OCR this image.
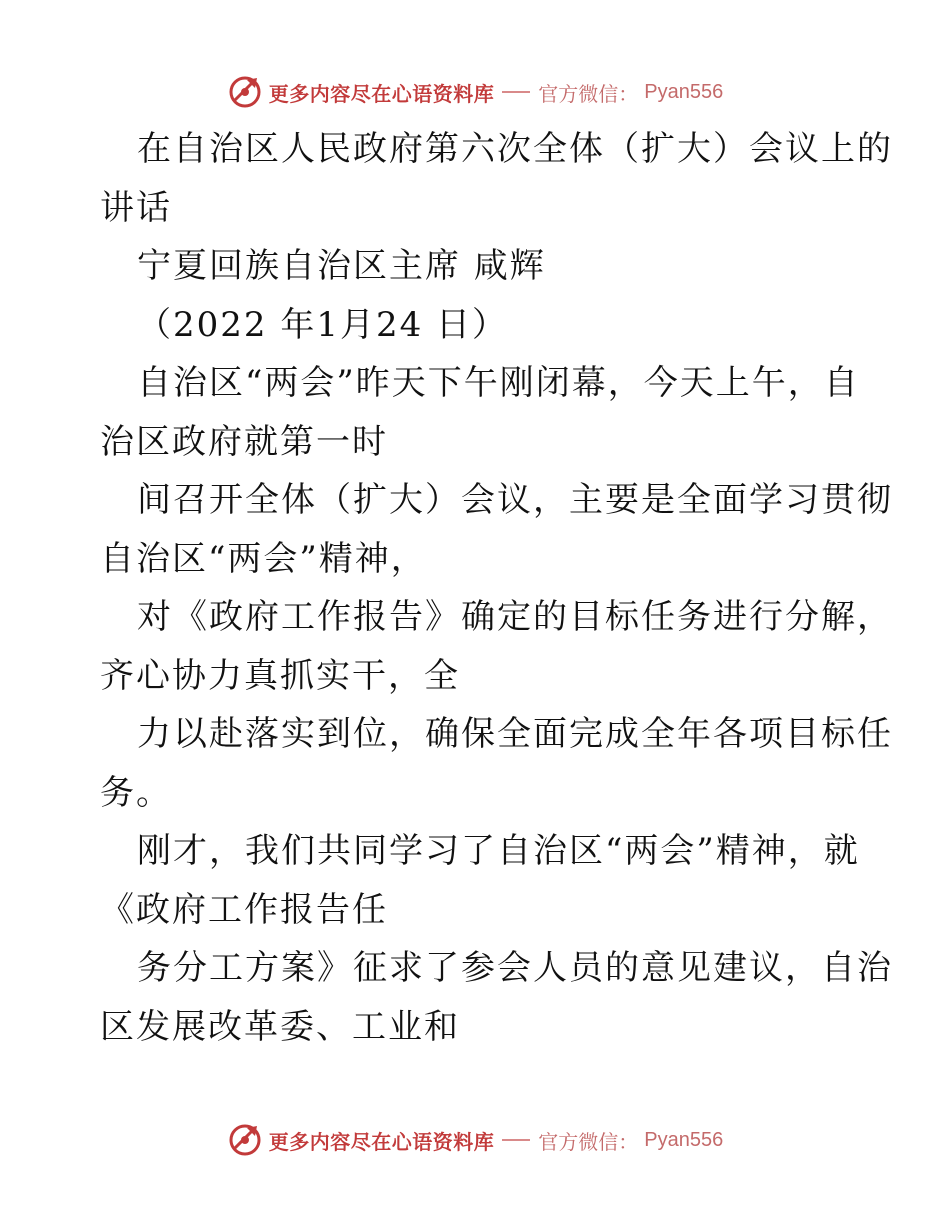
更多内容尽在心语资料库 官方微信： Pyan556
在自治区人民政府第六次全体（扩大）会议上的
讲话
宁夏回族自治区主席 咸辉
（2022 年1月24 日）
自治区“两会”昨天下午刚闭幕，今天上午，自
治区政府就第一时
间召开全体（扩大）会议，主要是全面学习贯彻
自治区“两会”精神，
对《政府工作报告》确定的目标任务进行分解，
齐心协力真抓实干，全
力以赴落实到位，确保全面完成全年各项目标任
务。
刚才，我们共同学习了自治区“两会”精神，就
《政府工作报告任
务分工方案》征求了参会人员的意见建议，自治
区发展改革委、工业和
更多内容尽在心语资料库 官方微信： Pyan556
